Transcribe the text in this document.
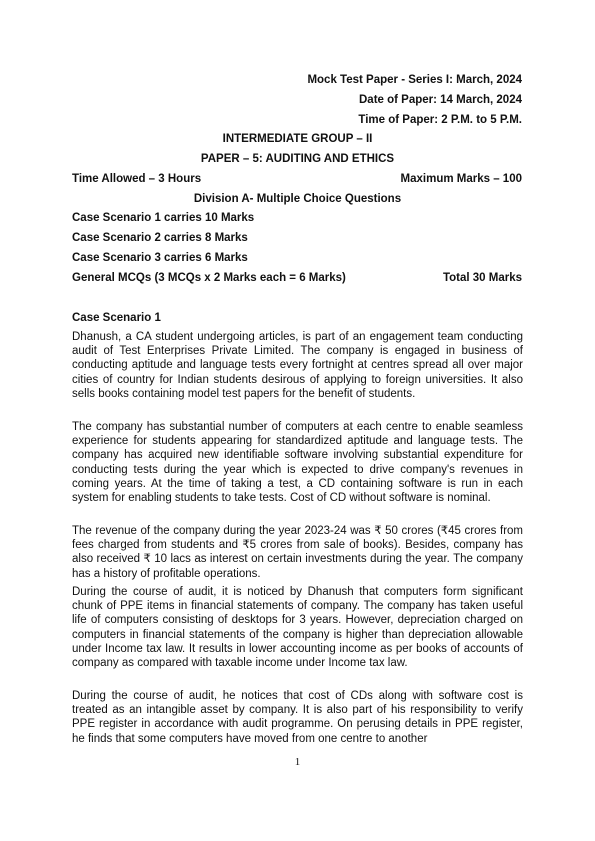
Mock Test Paper - Series I: March, 2024
Date of Paper: 14 March, 2024
Time of Paper: 2 P.M. to 5 P.M.
INTERMEDIATE GROUP – II
PAPER – 5: AUDITING AND ETHICS
Time Allowed – 3 Hours	Maximum Marks – 100
Division A- Multiple Choice Questions
Case Scenario 1 carries 10 Marks
Case Scenario 2 carries 8 Marks
Case Scenario 3 carries 6 Marks
General MCQs (3 MCQs x 2 Marks each = 6 Marks)	Total 30 Marks
Case Scenario 1
Dhanush, a CA student undergoing articles, is part of an engagement team conducting audit of Test Enterprises Private Limited. The company is engaged in business of conducting aptitude and language tests every fortnight at centres spread all over major cities of country for Indian students desirous of applying to foreign universities. It also sells books containing model test papers for the benefit of students.
The company has substantial number of computers at each centre to enable seamless experience for students appearing for standardized aptitude and language tests. The company has acquired new identifiable software involving substantial expenditure for conducting tests during the year which is expected to drive company's revenues in coming years. At the time of taking a test, a CD containing software is run in each system for enabling students to take tests. Cost of CD without software is nominal.
The revenue of the company during the year 2023-24 was ₹ 50 crores (₹45 crores from fees charged from students and ₹5 crores from sale of books). Besides, company has also received ₹ 10 lacs as interest on certain investments during the year. The company has a history of profitable operations.
During the course of audit, it is noticed by Dhanush that computers form significant chunk of PPE items in financial statements of company. The company has taken useful life of computers consisting of desktops for 3 years. However, depreciation charged on computers in financial statements of the company is higher than depreciation allowable under Income tax law. It results in lower accounting income as per books of accounts of company as compared with taxable income under Income tax law.
During the course of audit, he notices that cost of CDs along with software cost is treated as an intangible asset by company. It is also part of his responsibility to verify PPE register in accordance with audit programme. On perusing details in PPE register, he finds that some computers have moved from one centre to another
1
